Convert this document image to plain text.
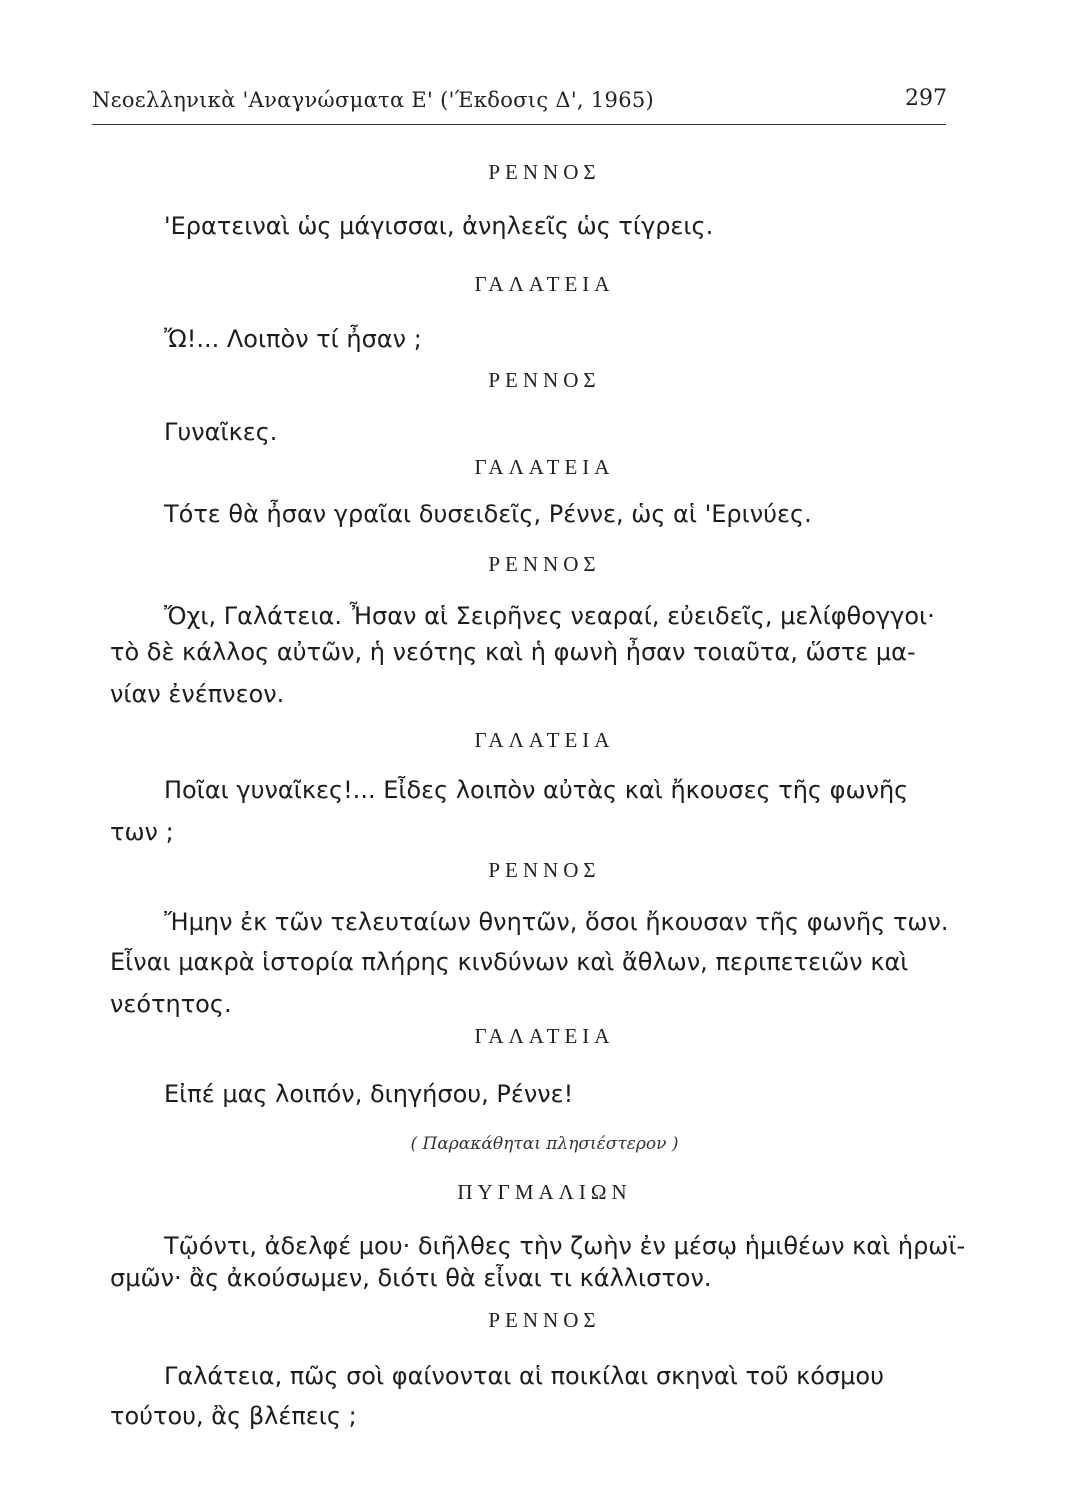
Νεοελληνικὰ 'Αναγνώσματα Ε' ('Έκδοσις Δ', 1965)	297
ΡΕΝΝΟΣ
'Ερατειναὶ ὡς μάγισσαι, ἀνηλεεῖς ὡς τίγρεις.
ΓΑΛΑΤΕΙΑ
Ὤ!... Λοιπὸν τί ἦσαν ;
ΡΕΝΝΟΣ
Γυναῖκες.
ΓΑΛΑΤΕΙΑ
Τότε θὰ ἦσαν γραῖαι δυσειδεῖς, Ρέννε, ὡς αἱ 'Ερινύες.
ΡΕΝΝΟΣ
Ὄχι, Γαλάτεια. Ἦσαν αἱ Σειρῆνες νεαραί, εὐειδεῖς, μελίφθογγοι·
τὸ δὲ κάλλος αὐτῶν, ἡ νεότης καὶ ἡ φωνὴ ἦσαν τοιαῦτα, ὥστε μα-
νίαν ἐνέπνεον.
ΓΑΛΑΤΕΙΑ
Ποῖαι γυναῖκες!... Εἶδες λοιπὸν αὐτὰς καὶ ἤκουσες τῆς φωνῆς
των ;
ΡΕΝΝΟΣ
Ἤμην ἐκ τῶν τελευταίων θνητῶν, ὅσοι ἤκουσαν τῆς φωνῆς των.
Εἶναι μακρὰ ἱστορία πλήρης κινδύνων καὶ ἄθλων, περιπετειῶν καὶ
νεότητος.
ΓΑΛΑΤΕΙΑ
Εἰπέ μας λοιπόν, διηγήσου, Ρέννε!
( Παρακάθηται πλησιέστερον )
ΠΥΓΜΑΛΙΩΝ
Τῷόντι, ἀδελφέ μου· διῆλθες τὴν ζωὴν ἐν μέσῳ ἡμιθέων καὶ ἡρωϊ-
σμῶν· ἂς ἀκούσωμεν, διότι θὰ εἶναι τι κάλλιστον.
ΡΕΝΝΟΣ
Γαλάτεια, πῶς σοὶ φαίνονται αἱ ποικίλαι σκηναὶ τοῦ κόσμου
τούτου, ἂς βλέπεις ;
